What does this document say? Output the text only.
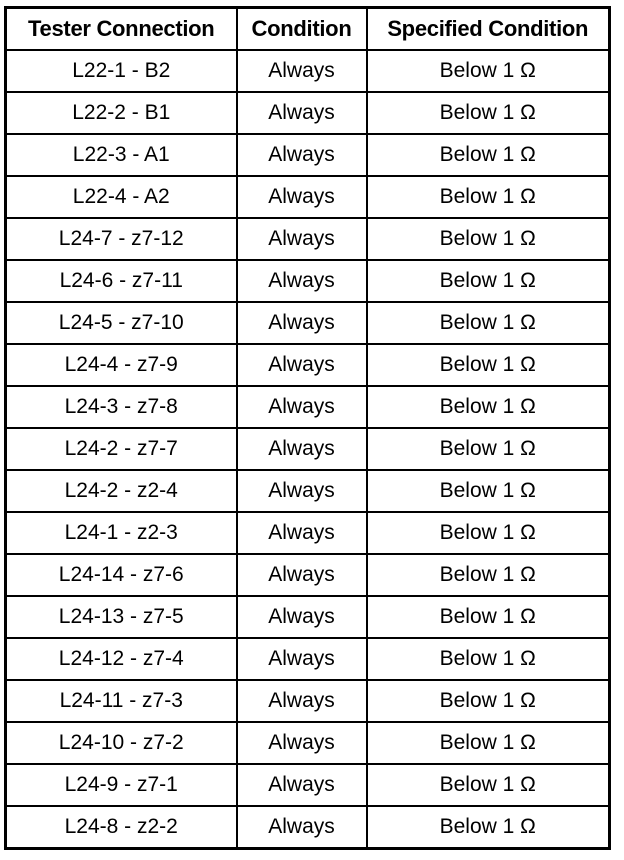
Tester Connection	Condition	Specified Condition
L22-1 - B2	Always	Below 1 Ω
L22-2 - B1	Always	Below 1 Ω
L22-3 - A1	Always	Below 1 Ω
L22-4 - A2	Always	Below 1 Ω
L24-7 - z7-12	Always	Below 1 Ω
L24-6 - z7-11	Always	Below 1 Ω
L24-5 - z7-10	Always	Below 1 Ω
L24-4 - z7-9	Always	Below 1 Ω
L24-3 - z7-8	Always	Below 1 Ω
L24-2 - z7-7	Always	Below 1 Ω
L24-2 - z2-4	Always	Below 1 Ω
L24-1 - z2-3	Always	Below 1 Ω
L24-14 - z7-6	Always	Below 1 Ω
L24-13 - z7-5	Always	Below 1 Ω
L24-12 - z7-4	Always	Below 1 Ω
L24-11 - z7-3	Always	Below 1 Ω
L24-10 - z7-2	Always	Below 1 Ω
L24-9 - z7-1	Always	Below 1 Ω
L24-8 - z2-2	Always	Below 1 Ω
